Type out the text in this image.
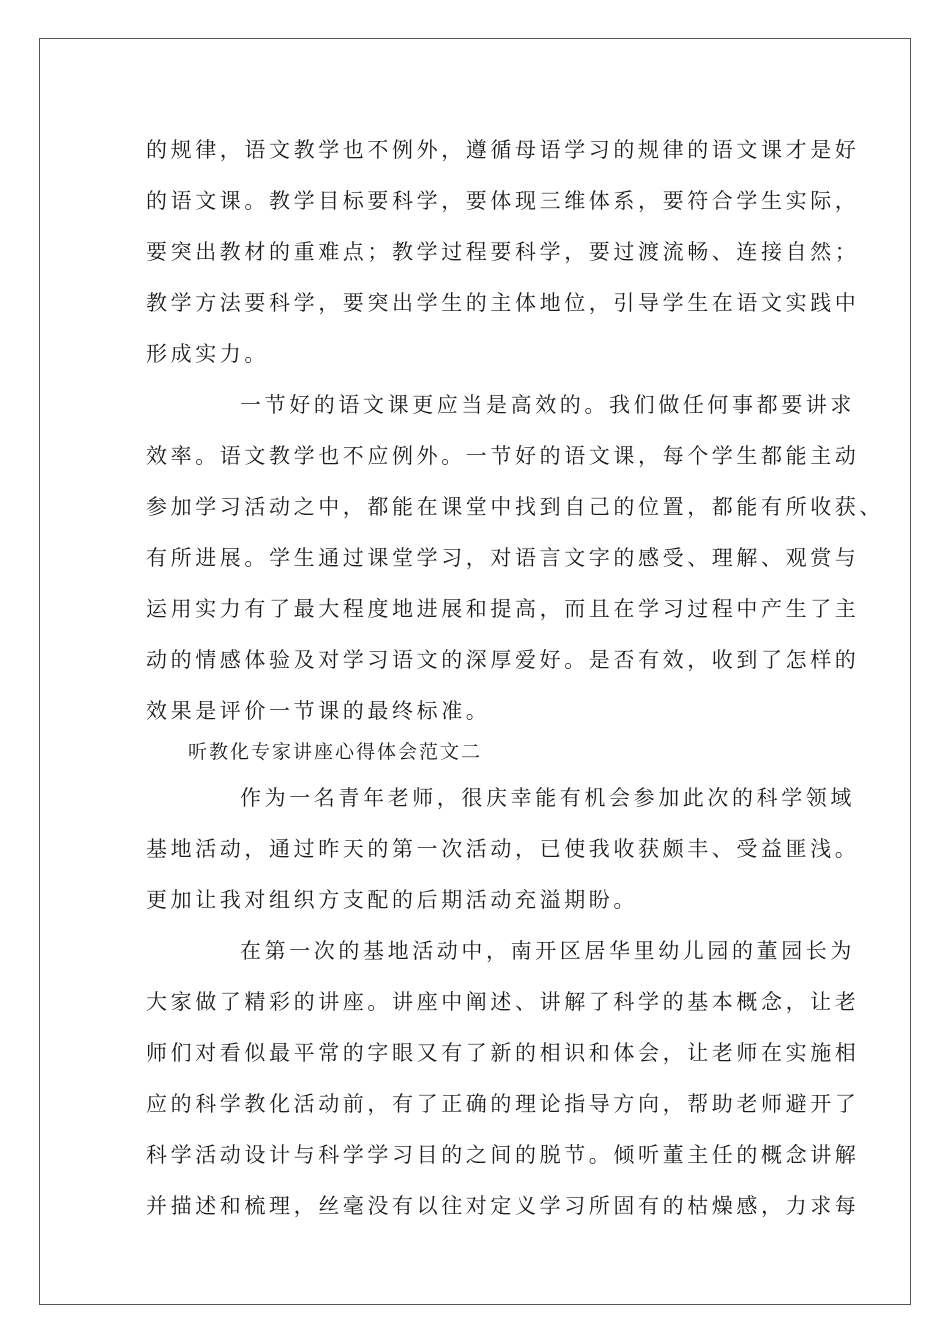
的规律，语文教学也不例外，遵循母语学习的规律的语文课才是好
的语文课。教学目标要科学，要体现三维体系，要符合学生实际，
要突出教材的重难点；教学过程要科学，要过渡流畅、连接自然；
教学方法要科学，要突出学生的主体地位，引导学生在语文实践中
形成实力。
一节好的语文课更应当是高效的。我们做任何事都要讲求
效率。语文教学也不应例外。一节好的语文课，每个学生都能主动
参加学习活动之中，都能在课堂中找到自己的位置，都能有所收获、
有所进展。学生通过课堂学习，对语言文字的感受、理解、观赏与
运用实力有了最大程度地进展和提高，而且在学习过程中产生了主
动的情感体验及对学习语文的深厚爱好。是否有效，收到了怎样的
效果是评价一节课的最终标准。
听教化专家讲座心得体会范文二
作为一名青年老师，很庆幸能有机会参加此次的科学领域
基地活动，通过昨天的第一次活动，已使我收获颇丰、受益匪浅。
更加让我对组织方支配的后期活动充溢期盼。
在第一次的基地活动中，南开区居华里幼儿园的董园长为
大家做了精彩的讲座。讲座中阐述、讲解了科学的基本概念，让老
师们对看似最平常的字眼又有了新的相识和体会，让老师在实施相
应的科学教化活动前，有了正确的理论指导方向，帮助老师避开了
科学活动设计与科学学习目的之间的脱节。倾听董主任的概念讲解
并描述和梳理，丝毫没有以往对定义学习所固有的枯燥感，力求每
